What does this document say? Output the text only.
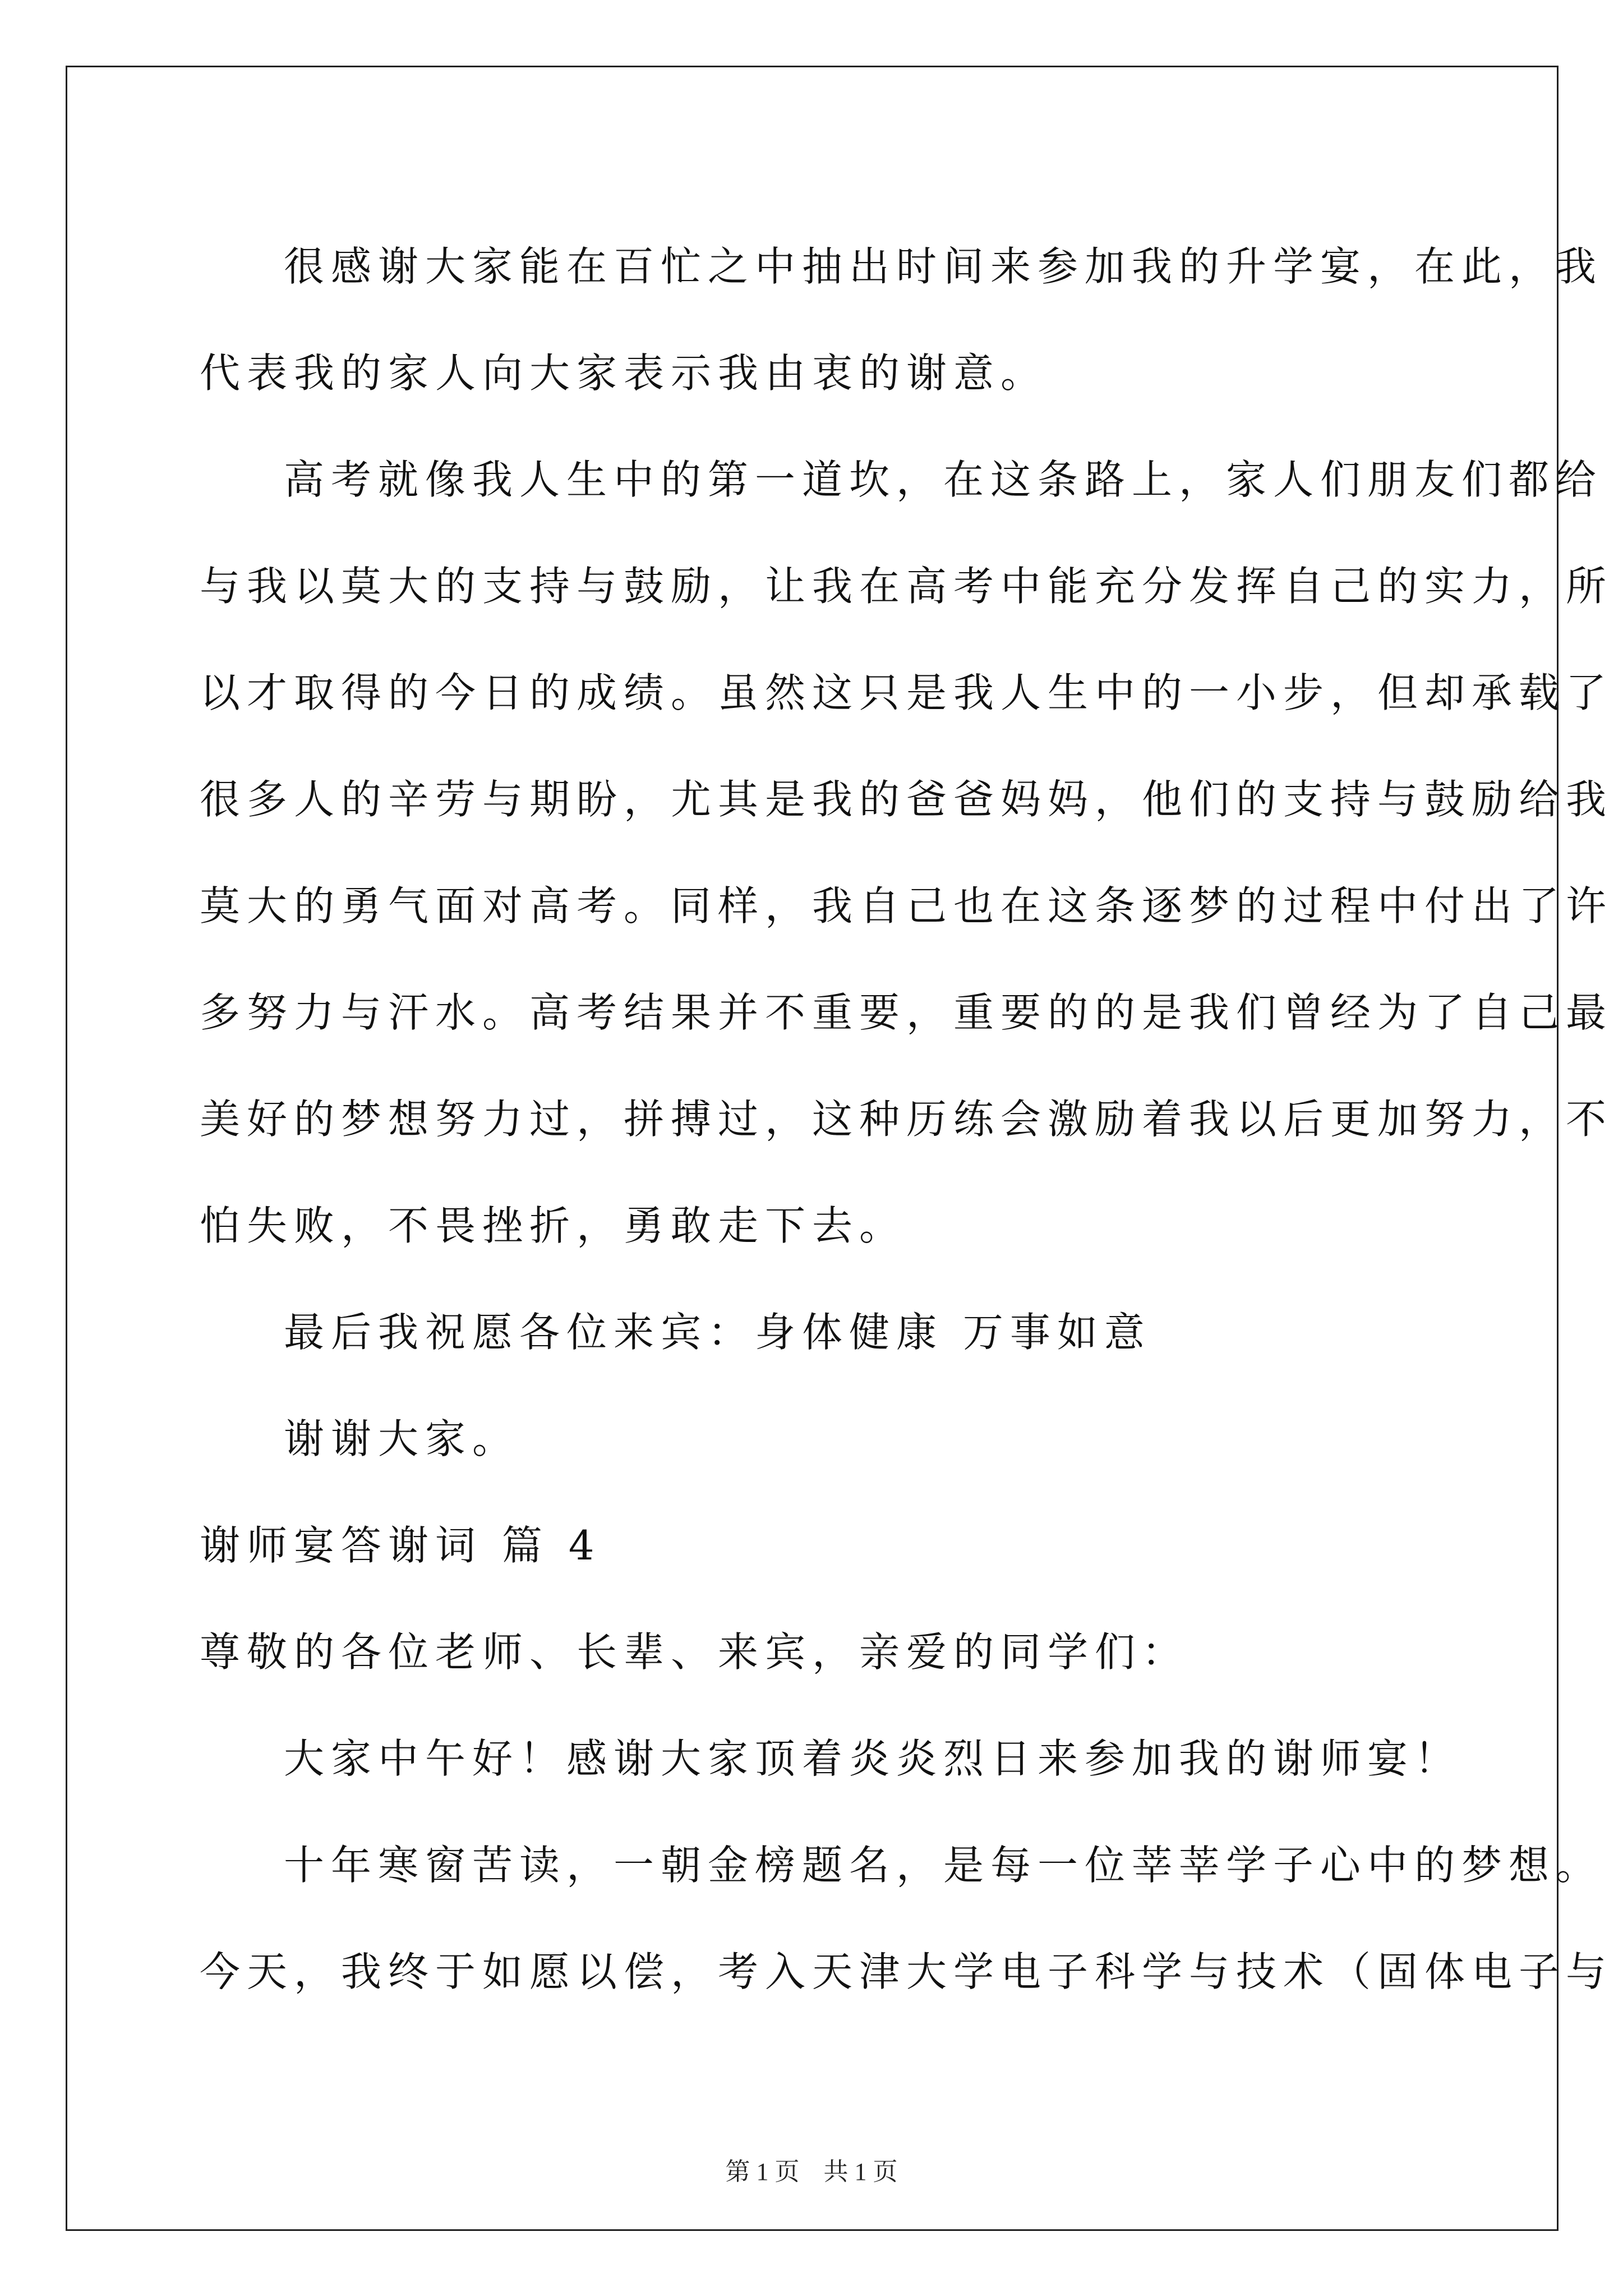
很感谢大家能在百忙之中抽出时间来参加我的升学宴，在此，我
代表我的家人向大家表示我由衷的谢意。

高考就像我人生中的第一道坎，在这条路上，家人们朋友们都给
与我以莫大的支持与鼓励，让我在高考中能充分发挥自己的实力，所
以才取得的今日的成绩。虽然这只是我人生中的一小步，但却承载了
很多人的辛劳与期盼，尤其是我的爸爸妈妈，他们的支持与鼓励给我
莫大的勇气面对高考。同样，我自己也在这条逐梦的过程中付出了许
多努力与汗水。高考结果并不重要，重要的的是我们曾经为了自己最
美好的梦想努力过，拼搏过，这种历练会激励着我以后更加努力，不
怕失败，不畏挫折，勇敢走下去。

最后我祝愿各位来宾：身体健康 万事如意

谢谢大家。

谢师宴答谢词 篇 4

尊敬的各位老师、长辈、来宾，亲爱的同学们：

大家中午好！感谢大家顶着炎炎烈日来参加我的谢师宴！

十年寒窗苦读，一朝金榜题名，是每一位莘莘学子心中的梦想。
今天，我终于如愿以偿，考入天津大学电子科学与技术（固体电子与

第 1 页 共 1 页
